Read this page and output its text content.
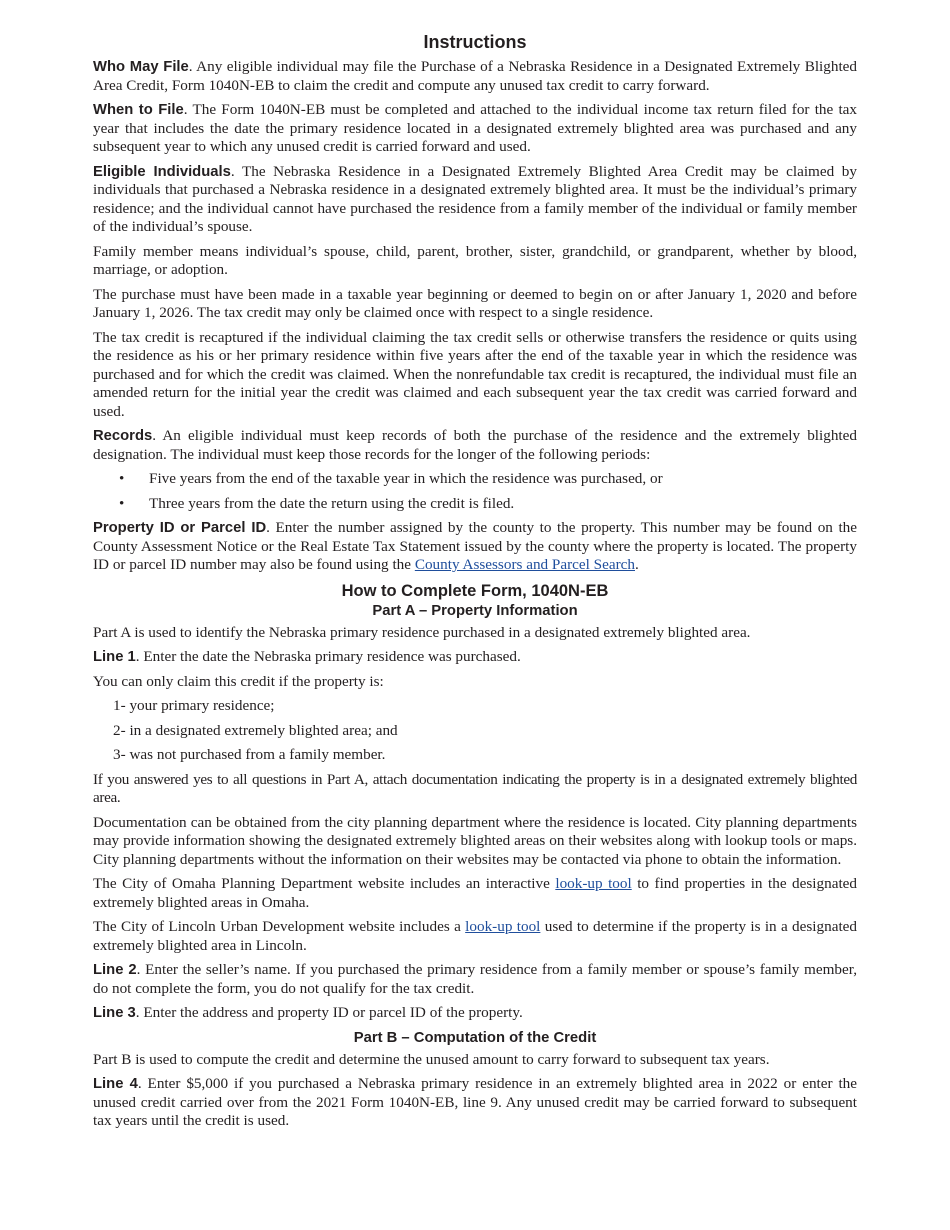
Instructions

Who May File. Any eligible individual may file the Purchase of a Nebraska Residence in a Designated Extremely Blighted Area Credit, Form 1040N-EB to claim the credit and compute any unused tax credit to carry forward.

When to File. The Form 1040N-EB must be completed and attached to the individual income tax return filed for the tax year that includes the date the primary residence located in a designated extremely blighted area was purchased and any subsequent year to which any unused credit is carried forward and used.

Eligible Individuals. The Nebraska Residence in a Designated Extremely Blighted Area Credit may be claimed by individuals that purchased a Nebraska residence in a designated extremely blighted area. It must be the individual’s primary residence; and the individual cannot have purchased the residence from a family member of the individual or family member of the individual’s spouse.

Family member means individual’s spouse, child, parent, brother, sister, grandchild, or grandparent, whether by blood, marriage, or adoption.

The purchase must have been made in a taxable year beginning or deemed to begin on or after January 1, 2020 and before January 1, 2026. The tax credit may only be claimed once with respect to a single residence.

The tax credit is recaptured if the individual claiming the tax credit sells or otherwise transfers the residence or quits using the residence as his or her primary residence within five years after the end of the taxable year in which the residence was purchased and for which the credit was claimed. When the nonrefundable tax credit is recaptured, the individual must file an amended return for the initial year the credit was claimed and each subsequent year the tax credit was carried forward and used.

Records. An eligible individual must keep records of both the purchase of the residence and the extremely blighted designation. The individual must keep those records for the longer of the following periods:

• Five years from the end of the taxable year in which the residence was purchased, or
• Three years from the date the return using the credit is filed.

Property ID or Parcel ID. Enter the number assigned by the county to the property. This number may be found on the County Assessment Notice or the Real Estate Tax Statement issued by the county where the property is located. The property ID or parcel ID number may also be found using the County Assessors and Parcel Search.

How to Complete Form, 1040N-EB
Part A – Property Information

Part A is used to identify the Nebraska primary residence purchased in a designated extremely blighted area.

Line 1. Enter the date the Nebraska primary residence was purchased.

You can only claim this credit if the property is:

1- your primary residence;
2- in a designated extremely blighted area; and
3- was not purchased from a family member.

If you answered yes to all questions in Part A, attach documentation indicating the property is in a designated extremely blighted area.

Documentation can be obtained from the city planning department where the residence is located. City planning departments may provide information showing the designated extremely blighted areas on their websites along with lookup tools or maps. City planning departments without the information on their websites may be contacted via phone to obtain the information.

The City of Omaha Planning Department website includes an interactive look-up tool to find properties in the designated extremely blighted areas in Omaha.

The City of Lincoln Urban Development website includes a look-up tool used to determine if the property is in a designated extremely blighted area in Lincoln.

Line 2. Enter the seller’s name. If you purchased the primary residence from a family member or spouse’s family member, do not complete the form, you do not qualify for the tax credit.

Line 3. Enter the address and property ID or parcel ID of the property.

Part B – Computation of the Credit

Part B is used to compute the credit and determine the unused amount to carry forward to subsequent tax years.

Line 4. Enter $5,000 if you purchased a Nebraska primary residence in an extremely blighted area in 2022 or enter the unused credit carried over from the 2021 Form 1040N-EB, line 9. Any unused credit may be carried forward to subsequent tax years until the credit is used.
